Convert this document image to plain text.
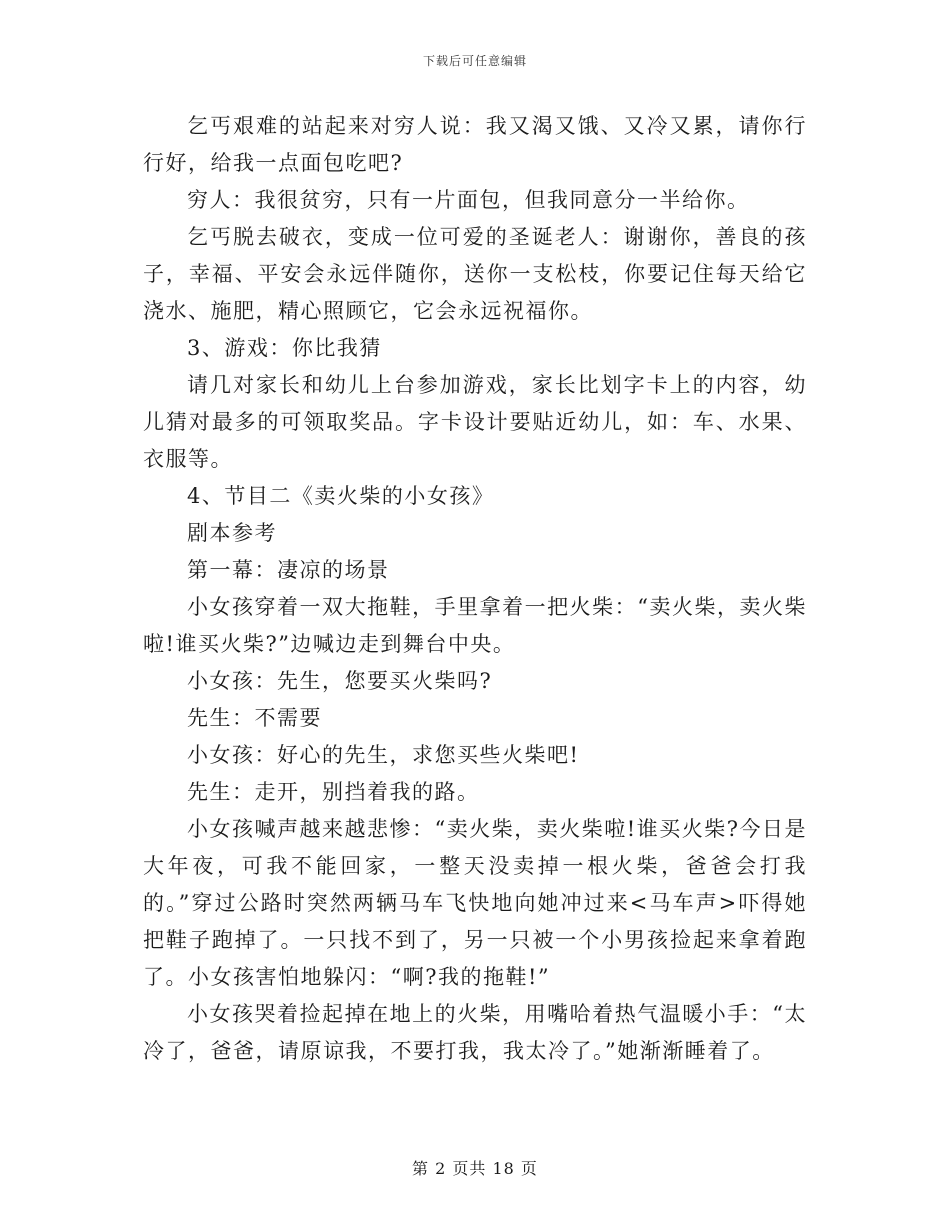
下载后可任意编辑

乞丐艰难的站起来对穷人说：我又渴又饿、又冷又累，请你行行好，给我一点面包吃吧?

穷人：我很贫穷，只有一片面包，但我同意分一半给你。

乞丐脱去破衣，变成一位可爱的圣诞老人：谢谢你，善良的孩子，幸福、平安会永远伴随你，送你一支松枝，你要记住每天给它浇水、施肥，精心照顾它，它会永远祝福你。

3、游戏：你比我猜

请几对家长和幼儿上台参加游戏，家长比划字卡上的内容，幼儿猜对最多的可领取奖品。字卡设计要贴近幼儿，如：车、水果、衣服等。

4、节目二《卖火柴的小女孩》

剧本参考

第一幕：凄凉的场景

小女孩穿着一双大拖鞋，手里拿着一把火柴：“卖火柴，卖火柴啦!谁买火柴?”边喊边走到舞台中央。

小女孩：先生，您要买火柴吗?

先生：不需要

小女孩：好心的先生，求您买些火柴吧!

先生：走开，别挡着我的路。

小女孩喊声越来越悲惨：“卖火柴，卖火柴啦!谁买火柴?今日是大年夜，可我不能回家，一整天没卖掉一根火柴，爸爸会打我的。”穿过公路时突然两辆马车飞快地向她冲过来<马车声>吓得她把鞋子跑掉了。一只找不到了，另一只被一个小男孩捡起来拿着跑了。小女孩害怕地躲闪：“啊?我的拖鞋!”

小女孩哭着捡起掉在地上的火柴，用嘴哈着热气温暖小手：“太冷了，爸爸，请原谅我，不要打我，我太冷了。”她渐渐睡着了。

第 2 页共 18 页
